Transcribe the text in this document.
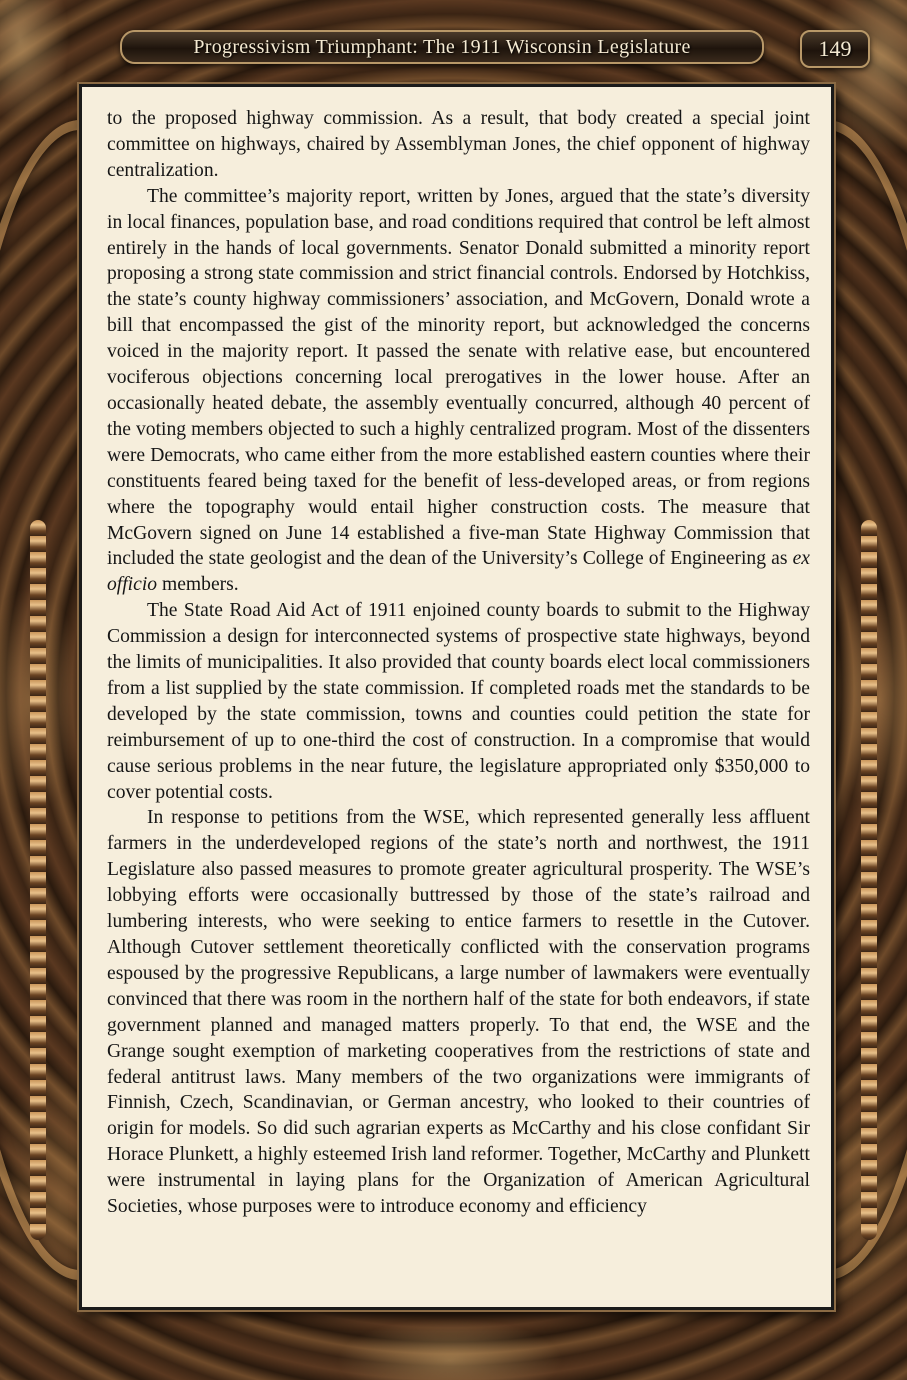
Progressivism Triumphant: The 1911 Wisconsin Legislature	149

to the proposed highway commission. As a result, that body created a special joint committee on highways, chaired by Assemblyman Jones, the chief opponent of highway centralization.

The committee’s majority report, written by Jones, argued that the state’s diversity in local finances, population base, and road conditions required that control be left almost entirely in the hands of local governments. Senator Donald submitted a minority report proposing a strong state commission and strict financial controls. Endorsed by Hotchkiss, the state’s county highway commissioners’ association, and McGovern, Donald wrote a bill that encompassed the gist of the minority report, but acknowledged the concerns voiced in the majority report. It passed the senate with relative ease, but encountered vociferous objections concerning local prerogatives in the lower house. After an occasionally heated debate, the assembly eventually concurred, although 40 percent of the voting members objected to such a highly centralized program. Most of the dissenters were Democrats, who came either from the more established eastern counties where their constituents feared being taxed for the benefit of less-developed areas, or from regions where the topography would entail higher construction costs. The measure that McGovern signed on June 14 established a five-man State Highway Commission that included the state geologist and the dean of the University’s College of Engineering as ex officio members.

The State Road Aid Act of 1911 enjoined county boards to submit to the Highway Commission a design for interconnected systems of prospective state highways, beyond the limits of municipalities. It also provided that county boards elect local commissioners from a list supplied by the state commission. If completed roads met the standards to be developed by the state commission, towns and counties could petition the state for reimbursement of up to one-third the cost of construction. In a compromise that would cause serious problems in the near future, the legislature appropriated only $350,000 to cover potential costs.

In response to petitions from the WSE, which represented generally less affluent farmers in the underdeveloped regions of the state’s north and northwest, the 1911 Legislature also passed measures to promote greater agricultural prosperity. The WSE’s lobbying efforts were occasionally buttressed by those of the state’s railroad and lumbering interests, who were seeking to entice farmers to resettle in the Cutover. Although Cutover settlement theoretically conflicted with the conservation programs espoused by the progressive Republicans, a large number of lawmakers were eventually convinced that there was room in the northern half of the state for both endeavors, if state government planned and managed matters properly. To that end, the WSE and the Grange sought exemption of marketing cooperatives from the restrictions of state and federal antitrust laws. Many members of the two organizations were immigrants of Finnish, Czech, Scandinavian, or German ancestry, who looked to their countries of origin for models. So did such agrarian experts as McCarthy and his close confidant Sir Horace Plunkett, a highly esteemed Irish land reformer. Together, McCarthy and Plunkett were instrumental in laying plans for the Organization of American Agricultural Societies, whose purposes were to introduce economy and efficiency
